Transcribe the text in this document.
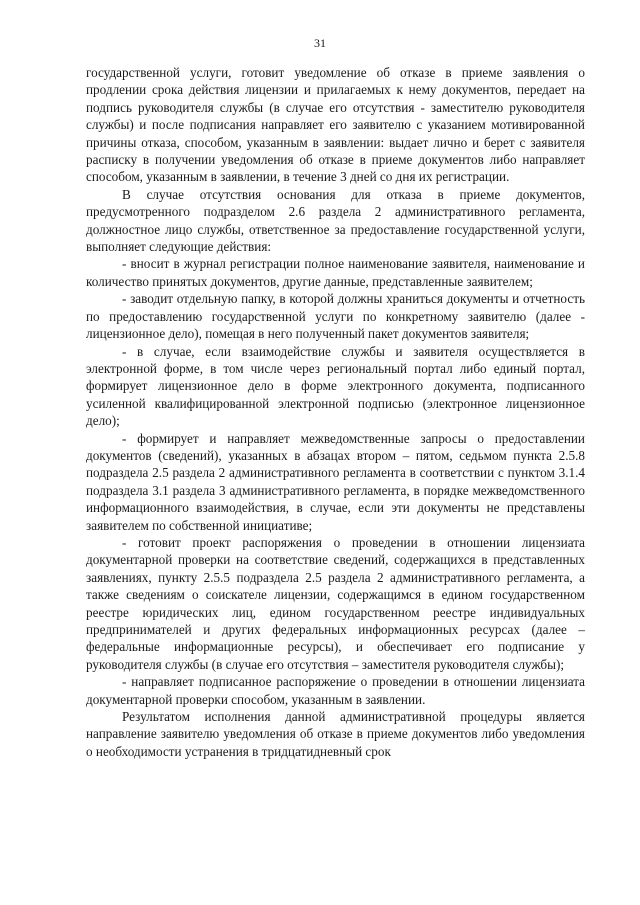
31

государственной услуги, готовит уведомление об отказе в приеме заявления о продлении срока действия лицензии и прилагаемых к нему документов, передает на подпись руководителя службы (в случае его отсутствия - заместителю руководителя службы) и после подписания направляет его заявителю с указанием мотивированной причины отказа, способом, указанным в заявлении: выдает лично и берет с заявителя расписку в получении уведомления об отказе в приеме документов либо направляет способом, указанным в заявлении, в течение 3 дней со дня их регистрации.

В случае отсутствия основания для отказа в приеме документов, предусмотренного подразделом 2.6 раздела 2 административного регламента, должностное лицо службы, ответственное за предоставление государственной услуги, выполняет следующие действия:

- вносит в журнал регистрации полное наименование заявителя, наименование и количество принятых документов, другие данные, представленные заявителем;

- заводит отдельную папку, в которой должны храниться документы и отчетность по предоставлению государственной услуги по конкретному заявителю (далее - лицензионное дело), помещая в него полученный пакет документов заявителя;

- в случае, если взаимодействие службы и заявителя осуществляется в электронной форме, в том числе через региональный портал либо единый портал, формирует лицензионное дело в форме электронного документа, подписанного усиленной квалифицированной электронной подписью (электронное лицензионное дело);

- формирует и направляет межведомственные запросы о предоставлении документов (сведений), указанных в абзацах втором – пятом, седьмом пункта 2.5.8 подраздела 2.5 раздела 2 административного регламента в соответствии с пунктом 3.1.4 подраздела 3.1 раздела 3 административного регламента, в порядке межведомственного информационного взаимодействия, в случае, если эти документы не представлены заявителем по собственной инициативе;

- готовит проект распоряжения о проведении в отношении лицензиата документарной проверки на соответствие сведений, содержащихся в представленных заявлениях, пункту 2.5.5 подраздела 2.5 раздела 2 административного регламента, а также сведениям о соискателе лицензии, содержащимся в едином государственном реестре юридических лиц, едином государственном реестре индивидуальных предпринимателей и других федеральных информационных ресурсах (далее – федеральные информационные ресурсы), и обеспечивает его подписание у руководителя службы (в случае его отсутствия – заместителя руководителя службы);

- направляет подписанное распоряжение о проведении в отношении лицензиата документарной проверки способом, указанным в заявлении.

Результатом исполнения данной административной процедуры является направление заявителю уведомления об отказе в приеме документов либо уведомления о необходимости устранения в тридцатидневный срок
